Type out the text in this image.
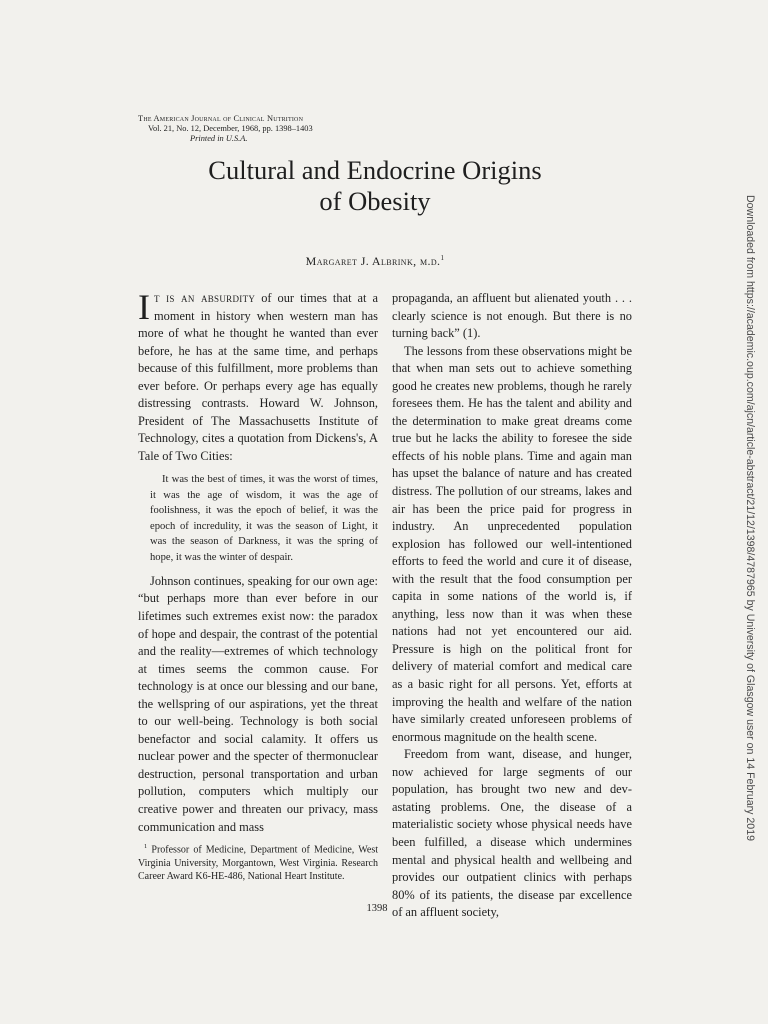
The American Journal of Clinical Nutrition
Vol. 21, No. 12, December, 1968, pp. 1398–1403
Printed in U.S.A.
Cultural and Endocrine Origins
of Obesity
Margaret J. Albrink, m.d.$^1$

It is an absurdity of our times that at a moment in history when western man has more of what he thought he wanted than ever before, he has at the same time, and perhaps because of this fulfillment, more problems than ever before. Or perhaps every age has equally distressing contrasts. Howard W. Johnson, President of The Massachusetts Institute of Technology, cites a quotation from Dickens's, A Tale of Two Cities:

It was the best of times, it was the worst of times, it was the age of wisdom, it was the age of foolishness, it was the epoch of belief, it was the epoch of incredulity, it was the season of Light, it was the season of Darkness, it was the spring of hope, it was the winter of despair.

Johnson continues, speaking for our own age: “but perhaps more than ever before in our lifetimes such extremes exist now: the paradox of hope and despair, the contrast of the potential and the reality—extremes of which technology at times seems the common cause. For technology is at once our blessing and our bane, the wellspring of our aspirations, yet the threat to our well-being. Technology is both social benefactor and social calamity. It offers us nuclear power and the specter of thermonuclear destruction, personal transportation and urban pollution, computers which multiply our creative power and threaten our privacy, mass communication and mass

propaganda, an affluent but alienated youth . . . clearly science is not enough. But there is no turning back” (1).

The lessons from these observations might be that when man sets out to achieve something good he creates new problems, though he rarely foresees them. He has the talent and ability and the determination to make great dreams come true but he lacks the ability to foresee the side effects of his noble plans. Time and again man has upset the balance of nature and has created distress. The pollution of our streams, lakes and air has been the price paid for progress in industry. An unprecedented population explosion has followed our well-intentioned efforts to feed the world and cure it of disease, with the result that the food consumption per capita in some nations of the world is, if anything, less now than it was when these nations had not yet encountered our aid. Pressure is high on the political front for delivery of material comfort and medical care as a basic right for all persons. Yet, efforts at improving the health and welfare of the nation have similarly created unforeseen problems of enormous magnitude on the health scene.

Freedom from want, disease, and hunger, now achieved for large segments of our population, has brought two new and devastating problems. One, the disease of a materialistic society whose physical needs have been fulfilled, a disease which undermines mental and physical health and wellbeing and provides our outpatient clinics with perhaps 80% of its patients, the disease par excellence of an affluent society,

$^1$ Professor of Medicine, Department of Medicine, West Virginia University, Morgantown, West Virginia. Research Career Award K6-HE-486, National Heart Institute.
1398
Downloaded from https://academic.oup.com/ajcn/article-abstract/21/12/1398/4787965 by University of Glasgow user on 14 February 2019
